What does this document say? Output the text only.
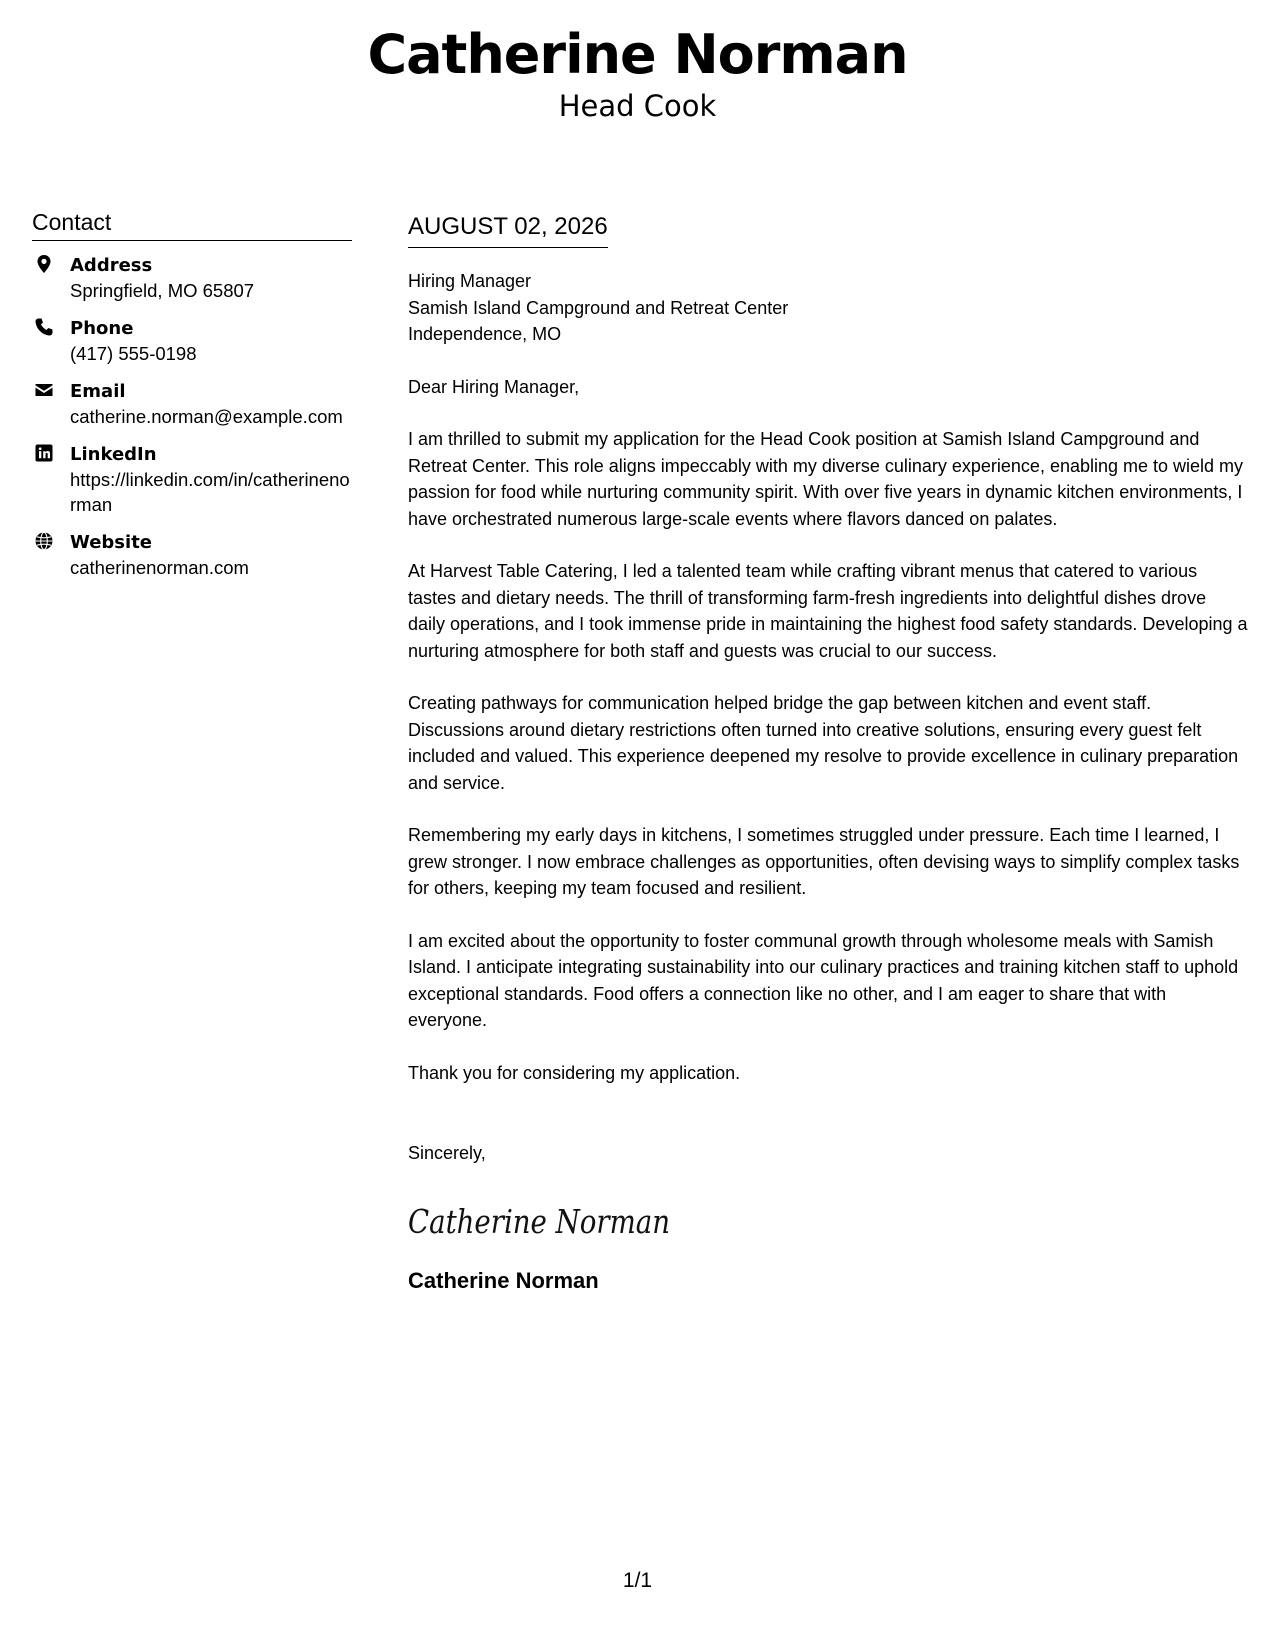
Catherine Norman
Head Cook
Contact
Address
Springfield, MO 65807
Phone
(417) 555-0198
Email
catherine.norman@example.com
LinkedIn
https://linkedin.com/in/catherinenorman
Website
catherinenorman.com
AUGUST 02, 2026
Hiring Manager
Samish Island Campground and Retreat Center
Independence, MO
Dear Hiring Manager,
I am thrilled to submit my application for the Head Cook position at Samish Island Campground and Retreat Center. This role aligns impeccably with my diverse culinary experience, enabling me to wield my passion for food while nurturing community spirit. With over five years in dynamic kitchen environments, I have orchestrated numerous large-scale events where flavors danced on palates.
At Harvest Table Catering, I led a talented team while crafting vibrant menus that catered to various tastes and dietary needs. The thrill of transforming farm-fresh ingredients into delightful dishes drove daily operations, and I took immense pride in maintaining the highest food safety standards. Developing a nurturing atmosphere for both staff and guests was crucial to our success.
Creating pathways for communication helped bridge the gap between kitchen and event staff. Discussions around dietary restrictions often turned into creative solutions, ensuring every guest felt included and valued. This experience deepened my resolve to provide excellence in culinary preparation and service.
Remembering my early days in kitchens, I sometimes struggled under pressure. Each time I learned, I grew stronger. I now embrace challenges as opportunities, often devising ways to simplify complex tasks for others, keeping my team focused and resilient.
I am excited about the opportunity to foster communal growth through wholesome meals with Samish Island. I anticipate integrating sustainability into our culinary practices and training kitchen staff to uphold exceptional standards. Food offers a connection like no other, and I am eager to share that with everyone.
Thank you for considering my application.
Sincerely,
Catherine Norman
Catherine Norman
1/1
